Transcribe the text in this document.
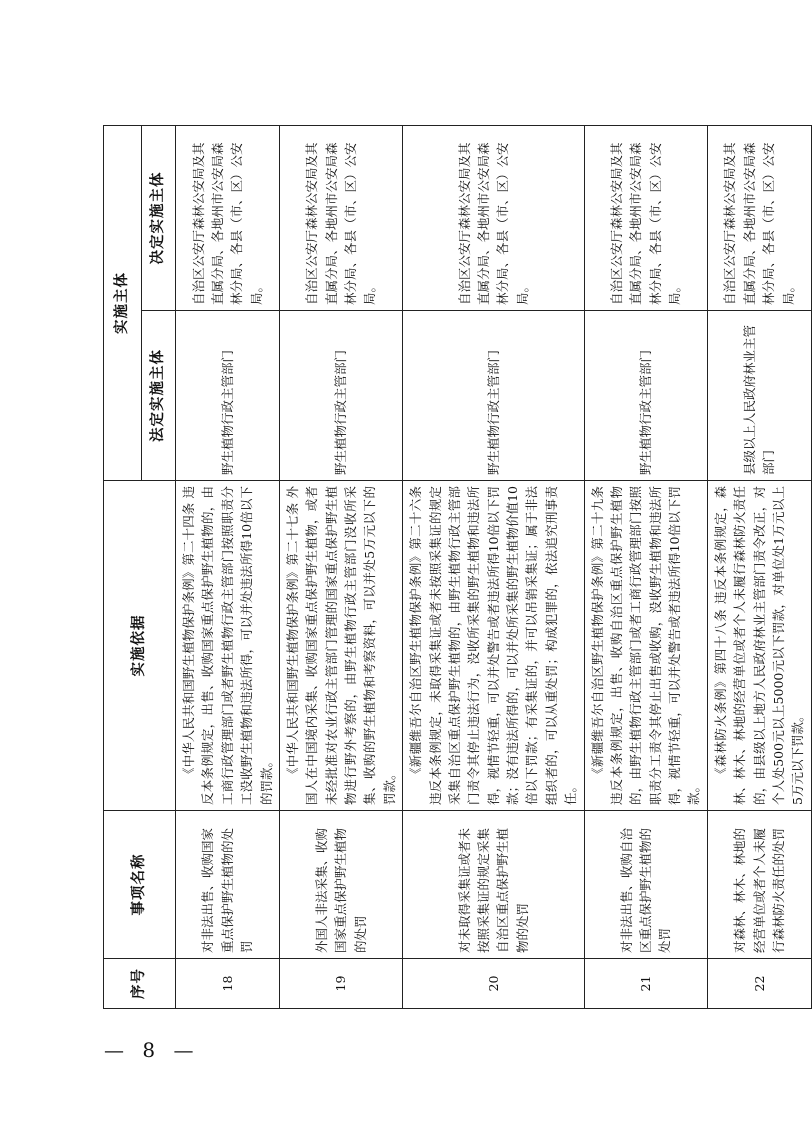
— 8 —
序号	事项名称	实施依据	实施主体	
			法定实施主体	决定实施主体
18	对非法出售、收购国家重点保护野生植物的处罚	《中华人民共和国野生植物保护条例》第二十四条 违反本条例规定，出售、收购国家重点保护野生植物的，由工商行政管理部门或者野生植物行政主管部门按照职责分工没收野生植物和违法所得，可以并处违法所得10倍以下的罚款。	野生植物行政主管部门	自治区公安厅森林公安局及其直属分局、各地州市公安局森林分局、各县（市、区）公安局。
19	外国人非法采集、收购国家重点保护野生植物的处罚	《中华人民共和国野生植物保护条例》第二十七条 外国人在中国境内采集、收购国家重点保护野生植物，或者未经批准对农业行政主管部门管理的国家重点保护野生植物进行野外考察的，由野生植物行政主管部门没收所采集、收购的野生植物和考察资料，可以并处5万元以下的罚款。	野生植物行政主管部门	自治区公安厅森林公安局及其直属分局、各地州市公安局森林分局、各县（市、区）公安局。
20	对未取得采集证或者未按照采集证的规定采集自治区重点保护野生植物的处罚	《新疆维吾尔自治区野生植物保护条例》第二十六条 违反本条例规定，未取得采集证或者未按照采集证的规定采集自治区重点保护野生植物的，由野生植物行政主管部门责令其停止违法行为，没收所采集的野生植物和违法所得，视情节轻重，可以并处警告或者违法所得10倍以下罚款；没有违法所得的，可以并处所采集的野生植物价值10倍以下罚款；有采集证的，并可以吊销采集证；属于非法组织者的，可以从重处罚；构成犯罪的，依法追究刑事责任。	野生植物行政主管部门	自治区公安厅森林公安局及其直属分局、各地州市公安局森林分局、各县（市、区）公安局。
21	对非法出售、收购自治区重点保护野生植物的处罚	《新疆维吾尔自治区野生植物保护条例》第二十九条 违反本条例规定，出售、收购自治区重点保护野生植物的，由野生植物行政主管部门或者工商行政管理部门按照职责分工责令其停止出售或收购，没收野生植物和违法所得，视情节轻重，可以并处警告或者违法所得10倍以下罚款。	野生植物行政主管部门	自治区公安厅森林公安局及其直属分局、各地州市公安局森林分局、各县（市、区）公安局。
22	对森林、林木、林地的经营单位或者个人未履行森林防火责任的处罚	《森林防火条例》第四十八条 违反本条例规定，森林、林木、林地的经营单位或者个人未履行森林防火责任的，由县级以上地方人民政府林业主管部门责令改正，对个人处500元以上5000元以下罚款，对单位处1万元以上5万元以下罚款。	县级以上人民政府林业主管部门	自治区公安厅森林公安局及其直属分局、各地州市公安局森林分局、各县（市、区）公安局。
